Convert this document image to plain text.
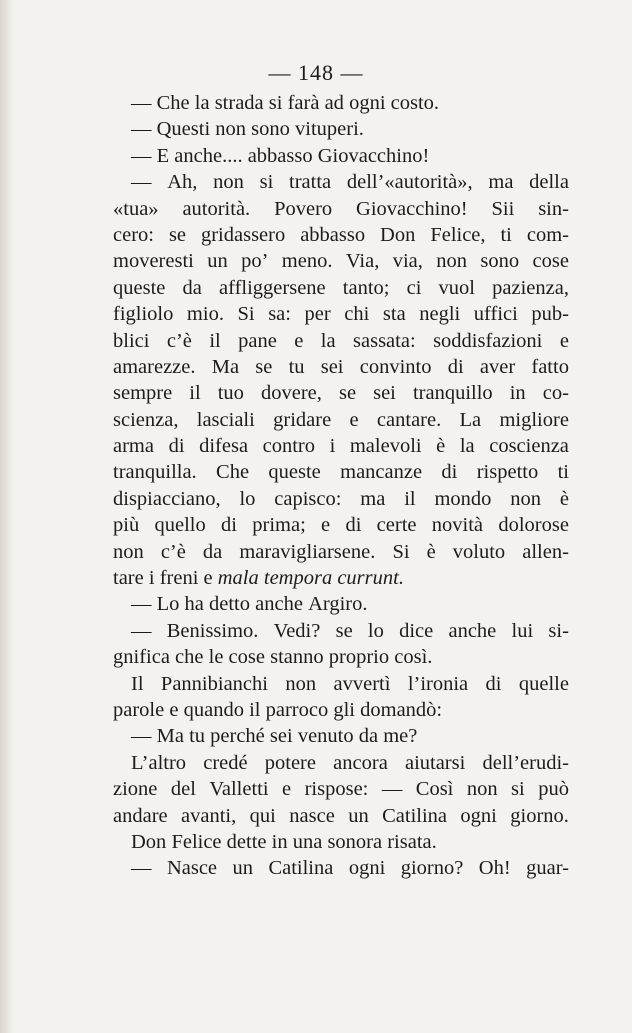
— 148 —
— Che la strada si farà ad ogni costo.
— Questi non sono vituperi.
— E anche.... abbasso Giovacchino!
— Ah, non si tratta dell’«autorità», ma della
«tua» autorità. Povero Giovacchino! Sii sin-
cero: se gridassero abbasso Don Felice, ti com-
moveresti un po’ meno. Via, via, non sono cose
queste da affliggersene tanto; ci vuol pazienza,
figliolo mio. Si sa: per chi sta negli uffici pub-
blici c’è il pane e la sassata: soddisfazioni e
amarezze. Ma se tu sei convinto di aver fatto
sempre il tuo dovere, se sei tranquillo in co-
scienza, lasciali gridare e cantare. La migliore
arma di difesa contro i malevoli è la coscienza
tranquilla. Che queste mancanze di rispetto ti
dispiacciano, lo capisco: ma il mondo non è
più quello di prima; e di certe novità dolorose
non c’è da maravigliarsene. Si è voluto allen-
tare i freni e mala tempora currunt.
— Lo ha detto anche Argiro.
— Benissimo. Vedi? se lo dice anche lui si-
gnifica che le cose stanno proprio così.
Il Pannibianchi non avvertì l’ironia di quelle
parole e quando il parroco gli domandò:
— Ma tu perché sei venuto da me?
L’altro credé potere ancora aiutarsi dell’erudi-
zione del Valletti e rispose: — Così non si può
andare avanti, qui nasce un Catilina ogni giorno.
Don Felice dette in una sonora risata.
— Nasce un Catilina ogni giorno? Oh! guar-
